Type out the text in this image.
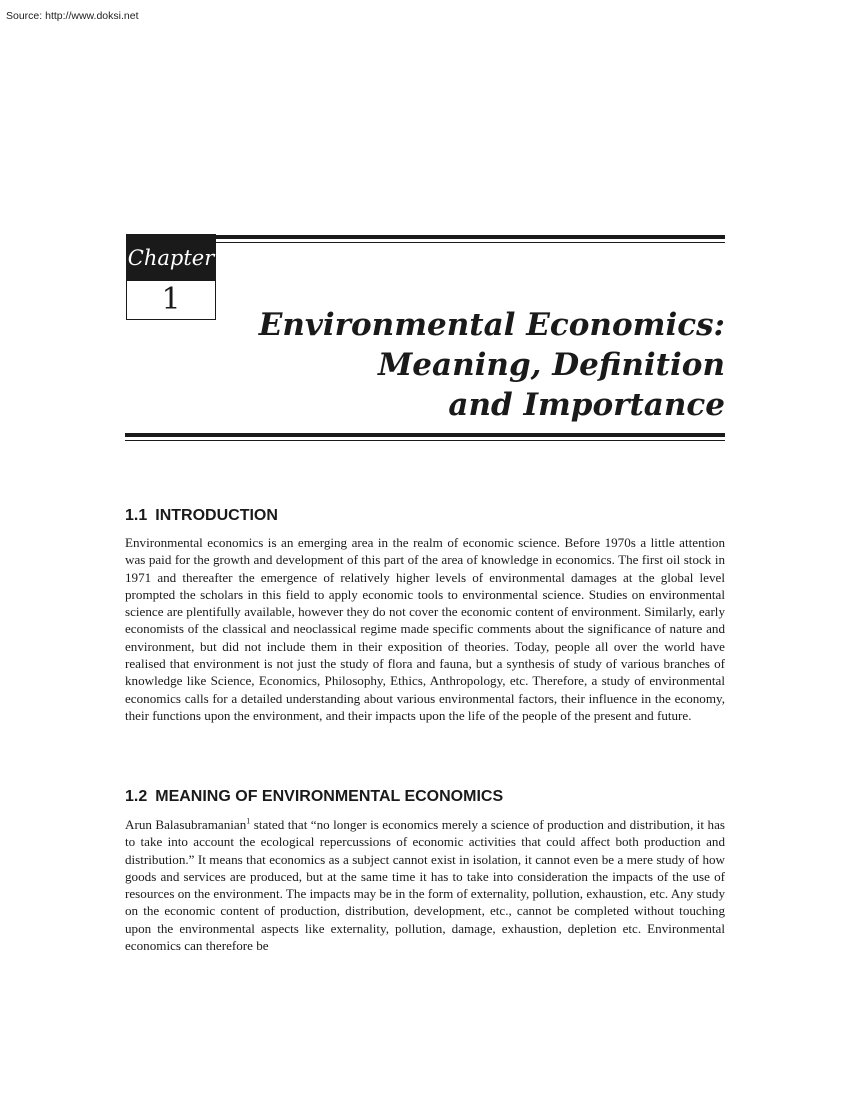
Source: http://www.doksi.net
Chapter
1
Environmental Economics:
Meaning, Definition
and Importance
1.1 INTRODUCTION

Environmental economics is an emerging area in the realm of economic science. Before 1970s a little attention was paid for the growth and development of this part of the area of knowledge in economics. The first oil stock in 1971 and thereafter the emergence of relatively higher levels of environmental damages at the global level prompted the scholars in this field to apply economic tools to environmental science. Studies on environmental science are plentifully available, however they do not cover the economic content of environment. Similarly, early economists of the classical and neoclassical regime made specific comments about the significance of nature and environment, but did not include them in their exposition of theories. Today, people all over the world have realised that environment is not just the study of flora and fauna, but a synthesis of study of various branches of knowledge like Science, Economics, Philosophy, Ethics, Anthropology, etc. Therefore, a study of environmental economics calls for a detailed understanding about various environmental factors, their influence in the economy, their functions upon the environment, and their impacts upon the life of the people of the present and future.

1.2 MEANING OF ENVIRONMENTAL ECONOMICS

Arun Balasubramanian$^1$ stated that “no longer is economics merely a science of production and distribution, it has to take into account the ecological repercussions of economic activities that could affect both production and distribution.” It means that economics as a subject cannot exist in isolation, it cannot even be a mere study of how goods and services are produced, but at the same time it has to take into consideration the impacts of the use of resources on the environment. The impacts may be in the form of externality, pollution, exhaustion, etc. Any study on the economic content of production, distribution, development, etc., cannot be completed without touching upon the environmental aspects like externality, pollution, damage, exhaustion, depletion etc. Environmental economics can therefore be
